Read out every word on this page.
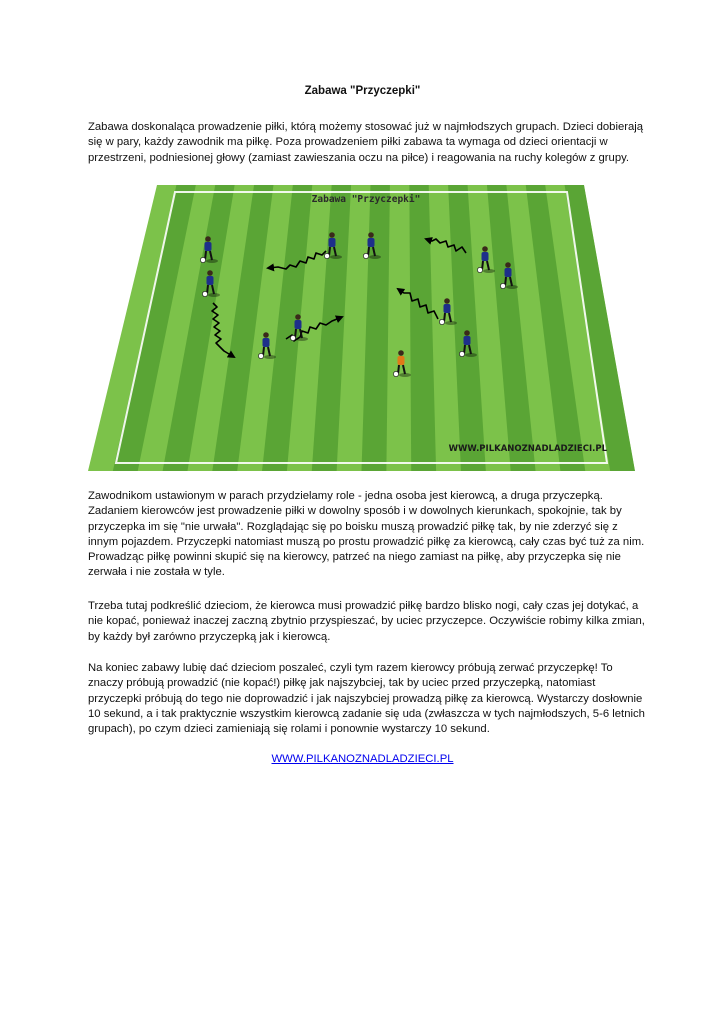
Zabawa "Przyczepki"

Zabawa doskonaląca prowadzenie piłki, którą możemy stosować już w najmłodszych grupach. Dzieci dobierają się w pary, każdy zawodnik ma piłkę. Poza prowadzeniem piłki zabawa ta wymaga od dzieci orientacji w przestrzeni, podniesionej głowy (zamiast zawieszania oczu na piłce) i reagowania na ruchy kolegów z grupy.

Zabawa "Przyczepki"
WWW.PILKANOZNADLADZIECI.PL

Zawodnikom ustawionym w parach przydzielamy role - jedna osoba jest kierowcą, a druga przyczepką. Zadaniem kierowców jest prowadzenie piłki w dowolny sposób i w dowolnych kierunkach, spokojnie, tak by przyczepka im się "nie urwała". Rozglądając się po boisku muszą prowadzić piłkę tak, by nie zderzyć się z innym pojazdem. Przyczepki natomiast muszą po prostu prowadzić piłkę za kierowcą, cały czas być tuż za nim. Prowadząc piłkę powinni skupić się na kierowcy, patrzeć na niego zamiast na piłkę, aby przyczepka się nie zerwała i nie została w tyle.

Trzeba tutaj podkreślić dzieciom, że kierowca musi prowadzić piłkę bardzo blisko nogi, cały czas jej dotykać, a nie kopać, ponieważ inaczej zaczną zbytnio przyspieszać, by uciec przyczepce. Oczywiście robimy kilka zmian, by każdy był zarówno przyczepką jak i kierowcą.

Na koniec zabawy lubię dać dzieciom poszaleć, czyli tym razem kierowcy próbują zerwać przyczepkę! To znaczy próbują prowadzić (nie kopać!) piłkę jak najszybciej, tak by uciec przed przyczepką, natomiast przyczepki próbują do tego nie doprowadzić i jak najszybciej prowadzą piłkę za kierowcą. Wystarczy dosłownie 10 sekund, a i tak praktycznie wszystkim kierowcą zadanie się uda (zwłaszcza w tych najmłodszych, 5-6 letnich grupach), po czym dzieci zamieniają się rolami i ponownie wystarczy 10 sekund.

WWW.PILKANOZNADLADZIECI.PL
